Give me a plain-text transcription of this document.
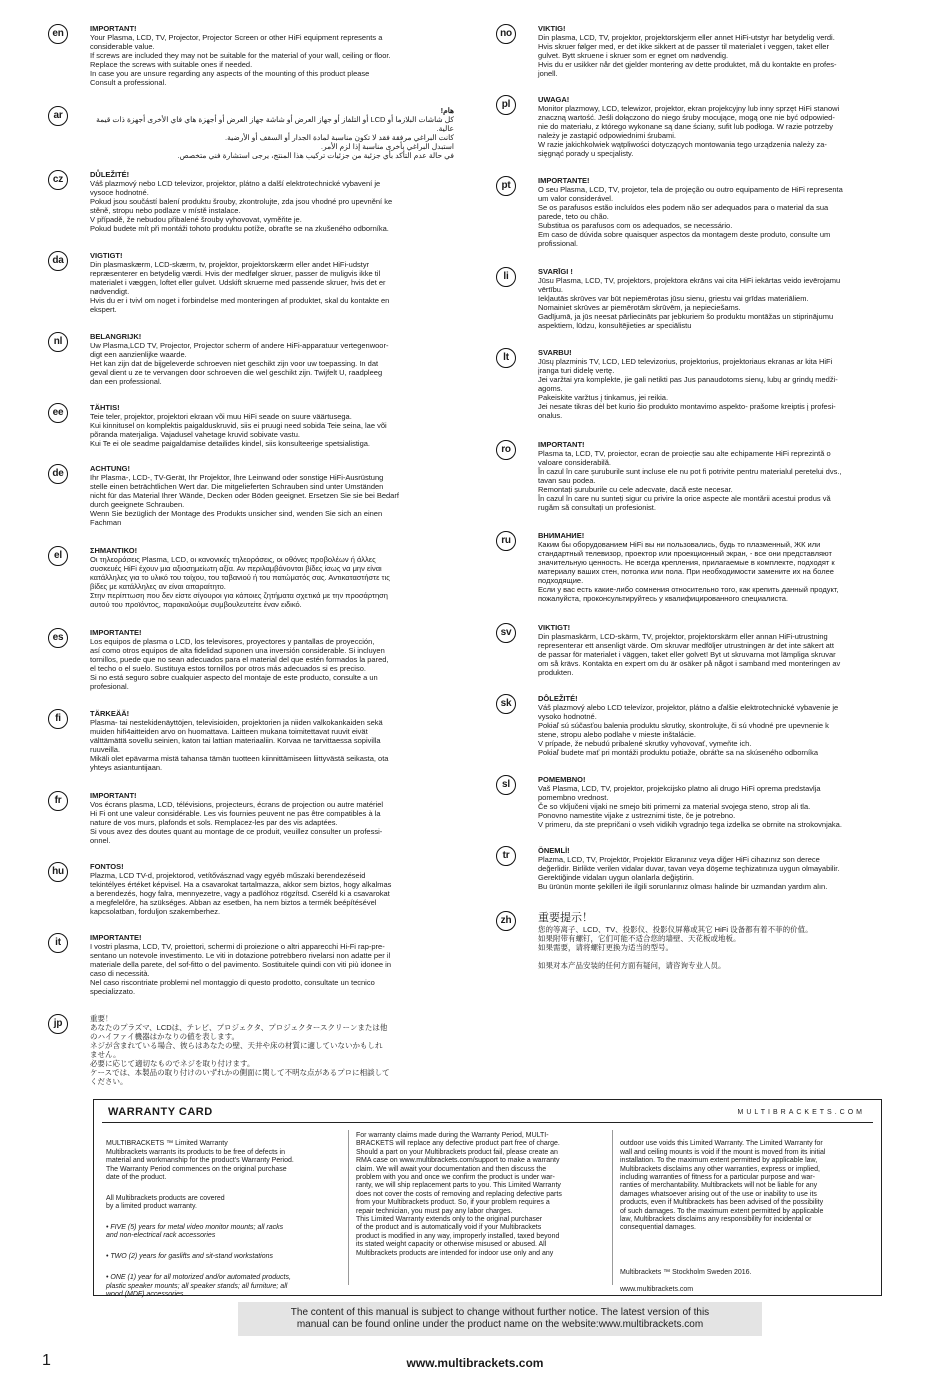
en	IMPORTANT!
Your Plasma, LCD, TV, Projector, Projector Screen or other HiFi equipment represents a
considerable value.
If screws are included they may not be suitable for the material of your wall, ceiling or floor.
Replace the screws with suitable ones if needed.
In case you are unsure regarding any aspects of the mounting of this product please
Consult a professional.
ar	هام!
كل شاشات البلازما أو LCD أو التلفاز أو جهاز العرض أو شاشة جهاز العرض أو أجهزة هاي فاي الأخرى أجهزة ذات قيمة عالية.
كانت البراغي مرفقة فقد لا تكون مناسبة لمادة الجدار أو السقف أو الأرضية.
استبدل البراغي بأخرى مناسبة إذا لزم الأمر.
في حالة عدم التأكد بأي جزئية من جزئيات تركيب هذا المنتج، يرجى استشارة فني متخصص.
cz	DŮLEŽITÉ!
Váš plazmový nebo LCD televizor, projektor, plátno a další elektrotechnické vybavení je
vysoce hodnotné.
Pokud jsou součástí balení produktu šrouby, zkontrolujte, zda jsou vhodné pro upevnění ke
stěně, stropu nebo podlaze v místě instalace.
V případě, že nebudou přibalené šrouby vyhovovat, vyměňte je.
Pokud budete mít při montáži tohoto produktu potíže, obraťte se na zkušeného odborníka.
da	VIGTIGT!
Din plasmaskærm, LCD-skærm, tv, projektor, projektorskærm eller andet HiFi-udstyr
repræsenterer en betydelig værdi. Hvis der medfølger skruer, passer de muligvis ikke til
materialet i væggen, loftet eller gulvet. Udskift skruerne med passende skruer, hvis det er
nødvendigt.
Hvis du er i tvivl om noget i forbindelse med monteringen af produktet, skal du kontakte en
ekspert.
nl	BELANGRIJK!
Uw Plasma,LCD TV, Projector, Projector scherm of andere HiFi-apparatuur vertegenwoor-
digt een aanzienlijke waarde.
Het kan zijn dat de bijgeleverde schroeven niet geschikt zijn voor uw toepassing. In dat
geval dient u ze te vervangen door schroeven die wel geschikt zijn. Twijfelt U, raadpleeg
dan een professional.
ee	TÄHTIS!
Teie teler, projektor, projektori ekraan või muu HiFi seade on suure väärtusega.
Kui kinnitusel on komplektis paigalduskruvid, siis ei pruugi need sobida Teie seina, lae või
põranda materjaliga. Vajadusel vahetage kruvid sobivate vastu.
Kui Te ei ole seadme paigaldamise detailides kindel, siis konsulteerige spetsialistiga.
de	ACHTUNG!
Ihr Plasma-, LCD-, TV-Gerät, Ihr Projektor, Ihre Leinwand oder sonstige HiFi-Ausrüstung
stelle einen beträchtlichen Wert dar. Die mitgelieferten Schrauben sind unter Umständen
nicht für das Material Ihrer Wände, Decken oder Böden geeignet. Ersetzen Sie sie bei Bedarf
durch geeignete Schrauben.
Wenn Sie bezüglich der Montage des Produkts unsicher sind, wenden Sie sich an einen
Fachman
el	ΣΗΜΑΝΤΙΚΟ!
Οι τηλεοράσεις Plasma, LCD, οι κανονικές τηλεοράσεις, οι οθόνες προβολέων ή άλλες
συσκευές HiFi έχουν μια αξιοσημείωτη αξία. Αν περιλαμβάνονται βίδες ίσως να μην είναι
κατάλληλες για το υλικό του τοίχου, του ταβανιού ή του πατώματός σας. Αντικαταστήστε τις
βίδες με κατάλληλες αν είναι απαραίτητο.
Στην περίπτωση που δεν είστε σίγουροι για κάποιες ζητήματα σχετικά με την προσάρτηση
αυτού του προϊόντος, παρακαλούμε συμβουλευτείτε έναν ειδικό.
es	IMPORTANTE!
Los equipos de plasma o LCD, los televisores, proyectores y pantallas de proyección,
así como otros equipos de alta fidelidad suponen una inversión considerable. Si incluyen
tornillos, puede que no sean adecuados para el material del que estén formados la pared,
el techo o el suelo. Sustituya estos tornillos por otros más adecuados si es preciso.
Si no está seguro sobre cualquier aspecto del montaje de este producto, consulte a un
profesional.
fi	TÄRKEÄÄ!
Plasma- tai nestekidenäyttöjen, televisioiden, projektorien ja niiden valkokankaiden sekä
muiden hifi4aitteiden arvo on huomattava. Laitteen mukana toimitettavat ruuvit eivät
välttämättä sovellu seinien, katon tai lattian materiaaliin. Korvaa ne tarvittaessa sopivilla
ruuveilla.
Mikäli olet epävarma mistä tahansa tämän tuotteen kiinnittämiseen liittyvästä seikasta, ota
yhteys asiantuntijaan.
fr	IMPORTANT!
Vos écrans plasma, LCD, télévisions, projecteurs, écrans de projection ou autre matériel
Hi Fi ont une valeur considérable. Les vis fournies peuvent ne pas être compatibles à la
nature de vos murs, plafonds et sols. Remplacez-les par des vis adaptées.
Si vous avez des doutes quant au montage de ce produit, veuillez consulter un professi-
onnel.
hu	FONTOS!
Plazma, LCD TV-d, projektorod, vetítővásznad vagy egyéb műszaki berendezéseid
tekintélyes értéket képvisel. Ha a csavarokat tartalmazza, akkor sem biztos, hogy alkalmas
a berendezés, hogy falra, mennyezetre, vagy a padlóhoz rögzítsd. Cseréld ki a csavarokat
a megfelelőre, ha szükséges. Abban az esetben, ha nem biztos a termék beépítésével
kapcsolatban, forduljon szakemberhez.
it	IMPORTANTE!
I vostri plasma, LCD, TV, proiettori, schermi di proiezione o altri apparecchi Hi-Fi rap-pre-
sentano un notevole investimento. Le viti in dotazione potrebbero rivelarsi non adatte per il
materiale della parete, del sof-fitto o del pavimento. Sostituitele quindi con viti più idonee in
caso di necessità.
Nel caso riscontriate problemi nel montaggio di questo prodotto, consultate un tecnico
specializzato.
jp	重要！
あなたのプラズマ、LCDは、テレビ、プロジェクタ、プロジェクタースクリーンまたは他
のハイファイ機器はかなりの値を表します。
ネジが含まれている場合、彼らはあなたの壁、天井や床の材質に適していないかもしれ
ません。
必要に応じて適切なものでネジを取り付けます。
ケースでは、本製品の取り付けのいずれかの側面に関して不明な点があるプロに相談して
ください。
no	VIKTIG!
Din plasma, LCD, TV, projektor, projektorskjerm eller annet HiFi-utstyr har betydelig verdi.
Hvis skruer følger med, er det ikke sikkert at de passer til materialet i veggen, taket eller
gulvet. Bytt skruene i skruer som er egnet om nødvendig.
Hvis du er usikker når det gjelder montering av dette produktet, må du kontakte en profes-
jonell.
pl	UWAGA!
Monitor plazmowy, LCD, telewizor, projektor, ekran projekcyjny lub inny sprzęt HiFi stanowi
znaczną wartość. Jeśli dołączono do niego śruby mocujące, mogą one nie być odpowied-
nie do materiału, z którego wykonane są dane ściany, sufit lub podłoga. W razie potrzeby
należy je zastąpić odpowiednimi śrubami.
W razie jakichkolwiek wątpliwości dotyczących montowania tego urządzenia należy za-
sięgnąć porady u specjalisty.
pt	IMPORTANTE!
O seu Plasma, LCD, TV, projetor, tela de projeção ou outro equipamento de HiFi representa
um valor considerável.
Se os parafusos estão incluídos eles podem não ser adequados para o material da sua
parede, teto ou chão.
Substitua os parafusos com os adequados, se necessário.
Em caso de dúvida sobre quaisquer aspectos da montagem deste produto, consulte um
profissional.
li	SVARĪGI !
Jūsu Plasma, LCD, TV, projektors, projektora ekrāns vai cita HiFi iekārtas veido ievērojamu
vērtību.
Iekļautās skrūves var būt nepiemērotas jūsu sienu, griestu vai grīdas materiāliem.
Nomainiet skrūves ar piemērotām skrūvēm, ja nepieciešams.
Gadījumā, ja jūs neesat pārliecināts par jebkuriem šo produktu montāžas un stiprinājumu
aspektiem, lūdzu, konsultējieties ar speciālistu
lt	SVARBU!
Jūsų plazminis TV, LCD, LED televizorius, projektorius, projektoriaus ekranas ar kita HiFi
įranga turi didelę vertę.
Jei varžtai yra komplekte, jie gali netikti pas Jus panaudotoms sienų, lubų ar grindų medži-
agoms.
Pakeiskite varžtus į tinkamus, jei reikia.
Jei nesate tikras dėl bet kurio šio produkto montavimo aspekto- prašome kreiptis į profesi-
onalus.
ro	IMPORTANT!
Plasma ta, LCD, TV, proiector, ecran de proiecție sau alte echipamente HiFi reprezintă o
valoare considerabilă.
În cazul în care șuruburile sunt incluse ele nu pot fi potrivite pentru materialul peretelui dvs.,
tavan sau podea.
Remontați șuruburile cu cele adecvate, dacă este necesar.
În cazul în care nu sunteți sigur cu privire la orice aspecte ale montării acestui produs vă
rugăm să consultați un profesionist.
ru	ВНИМАНИЕ!
Каким бы оборудованием HiFi вы ни пользовались, будь то плазменный, ЖК или
стандартный телевизор, проектор или проекционный экран, - все они представляют
значительную ценность. Не всегда крепления, прилагаемые в комплекте, подходят к
материалу ваших стен, потолка или пола. При необходимости замените их на более
подходящие.
Если у вас есть какие-либо сомнения относительно того, как крепить данный продукт,
пожалуйста, проконсультируйтесь у квалифицированного специалиста.
sv	VIKTIGT!
Din plasmaskärm, LCD-skärm, TV, projektor, projektorskärm eller annan HiFi-utrustning
representerar ett ansenligt värde. Om skruvar medföljer utrustningen är det inte säkert att
de passar för materialet i väggen, taket eller golvet! Byt ut skruvarna mot lämpliga skruvar
om så krävs. Kontakta en expert om du är osäker på något i samband med monteringen av
produkten.
sk	DÔLEŽITÉ!
Váš plazmový alebo LCD televízor, projektor, plátno a ďalšie elektrotechnické vybavenie je
vysoko hodnotné.
Pokiaľ sú súčasťou balenia produktu skrutky, skontrolujte, či sú vhodné pre upevnenie k
stene, stropu alebo podlahe v mieste inštalácie.
V prípade, že nebudú pribalené skrutky vyhovovať, vymeňte ich.
Pokiaľ budete mať pri montáži produktu potiaže, obráťte sa na skúseného odborníka
sl	POMEMBNO!
Vaš Plasma, LCD, TV, projektor, projekcijsko platno ali drugo HiFi oprema predstavlja
pomembno vrednost.
Če so vključeni vijaki ne smejo biti primerni za material svojega steno, strop ali tla.
Ponovno namestite vijake z ustreznimi tiste, če je potrebno.
V primeru, da ste prepričani o vseh vidikih vgradnjo tega izdelka se obrnite na strokovnjaka.
tr	ÖNEMLİ!
Plazma, LCD, TV, Projektör, Projektör Ekranınız veya diğer HiFi cihazınız son derece
değerlidir. Birlikte verilen vidalar duvar, tavan veya döşeme teçhizatınıza uygun olmayabilir.
Gerektiğinde vidaları uygun olanlarla değiştirin.
Bu ürünün monte şekilleri ile ilgili sorunlarınız olması halinde bir uzmandan yardım alın.
zh	重要提示！
您的等离子、LCD、TV、投影仪、投影仪屏幕或其它 HiFi 设备都有着不菲的价值。
如果附带有螺钉，它们可能不适合您的墙壁、天花板或地板。
如果需要，请将螺钉更换为适当的型号。

如果对本产品安装的任何方面有疑问，请咨询专业人员。
WARRANTY CARD	MULTIBRACKETS.COM

MULTIBRACKETS ™ Limited Warranty

Multibrackets warrants its products to be free of defects in
material and workmanship for the product's Warranty Period.
The Warranty Period commences on the original purchase
date of the product.

All Multibrackets products are covered
by a limited product warranty.

• FIVE (5) years for metal video monitor mounts; all racks
and non-electrical rack accessories

• TWO (2) years for gaslifts and sit-stand workstations

• ONE (1) year for all motorized and/or automated products,
plastic speaker mounts; all speaker stands; all furniture; all
wood (MDF) accessories

For warranty claims made during the Warranty Period, MULTI-
BRACKETS will replace any defective product part free of charge.
Should a part on your Multibrackets product fail, please create an
RMA case on www.multibrackets.com/support to make a warranty
claim. We will await your documentation and then discuss the
problem with you and once we confirm the product is under war-
ranty, we will ship replacement parts to you. This Limited Warranty
does not cover the costs of removing and replacing defective parts
from your Multibrackets product. So, if your problem requires a
repair technician, you must pay any labor charges.
This Limited Warranty extends only to the original purchaser
of the product and is automatically void if your Multibrackets
product is modified in any way, improperly installed, taxed beyond
its stated weight capacity or otherwise misused or abused. All
Multibrackets products are intended for indoor use only and any

outdoor use voids this Limited Warranty. The Limited Warranty for
wall and ceiling mounts is void if the mount is moved from its initial
installation. To the maximum extent permitted by applicable law,
Multibrackets disclaims any other warranties, express or implied,
including warranties of fitness for a particular purpose and war-
ranties of merchantability. Multibrackets will not be liable for any
damages whatsoever arising out of the use or inability to use its
products, even if Multibrackets has been advised of the possibility
of such damages. To the maximum extent permitted by applicable
law, Multibrackets disclaims any responsibility for incidental or
consequential damages.

Multibrackets ™ Stockholm Sweden 2016.

www.multibrackets.com

The content of this manual is subject to change without further notice. The latest version of this
manual can be found online under the product name on the website:www.multibrackets.com
1	www.multibrackets.com
